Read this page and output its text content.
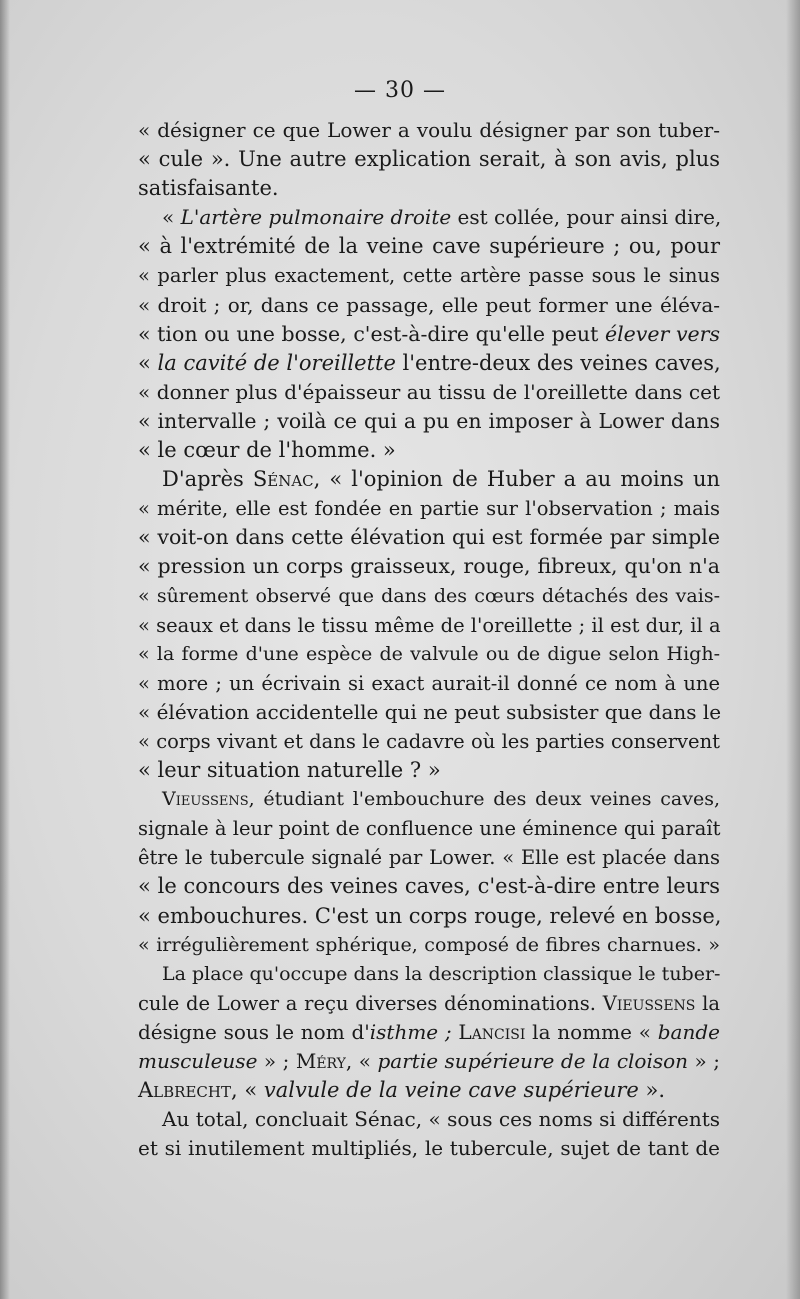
— 30 —
« désigner ce que Lower a voulu désigner par son tuber-
« cule ». Une autre explication serait, à son avis, plus
satisfaisante.
« L'artère pulmonaire droite est collée, pour ainsi dire,
« à l'extrémité de la veine cave supérieure ; ou, pour
« parler plus exactement, cette artère passe sous le sinus
« droit ; or, dans ce passage, elle peut former une éléva-
« tion ou une bosse, c'est-à-dire qu'elle peut élever vers
« la cavité de l'oreillette l'entre-deux des veines caves,
« donner plus d'épaisseur au tissu de l'oreillette dans cet
« intervalle ; voilà ce qui a pu en imposer à Lower dans
« le cœur de l'homme. »
D'après Sénac, « l'opinion de Huber a au moins un
« mérite, elle est fondée en partie sur l'observation ; mais
« voit-on dans cette élévation qui est formée par simple
« pression un corps graisseux, rouge, fibreux, qu'on n'a
« sûrement observé que dans des cœurs détachés des vais-
« seaux et dans le tissu même de l'oreillette ; il est dur, il a
« la forme d'une espèce de valvule ou de digue selon High-
« more ; un écrivain si exact aurait-il donné ce nom à une
« élévation accidentelle qui ne peut subsister que dans le
« corps vivant et dans le cadavre où les parties conservent
« leur situation naturelle ? »
Vieussens, étudiant l'embouchure des deux veines caves,
signale à leur point de confluence une éminence qui paraît
être le tubercule signalé par Lower. « Elle est placée dans
« le concours des veines caves, c'est-à-dire entre leurs
« embouchures. C'est un corps rouge, relevé en bosse,
« irrégulièrement sphérique, composé de fibres charnues. »
La place qu'occupe dans la description classique le tuber-
cule de Lower a reçu diverses dénominations. Vieussens la
désigne sous le nom d'isthme ; Lancisi la nomme « bande
musculeuse » ; Méry, « partie supérieure de la cloison » ;
Albrecht, « valvule de la veine cave supérieure ».
Au total, concluait Sénac, « sous ces noms si différents
et si inutilement multipliés, le tubercule, sujet de tant de
